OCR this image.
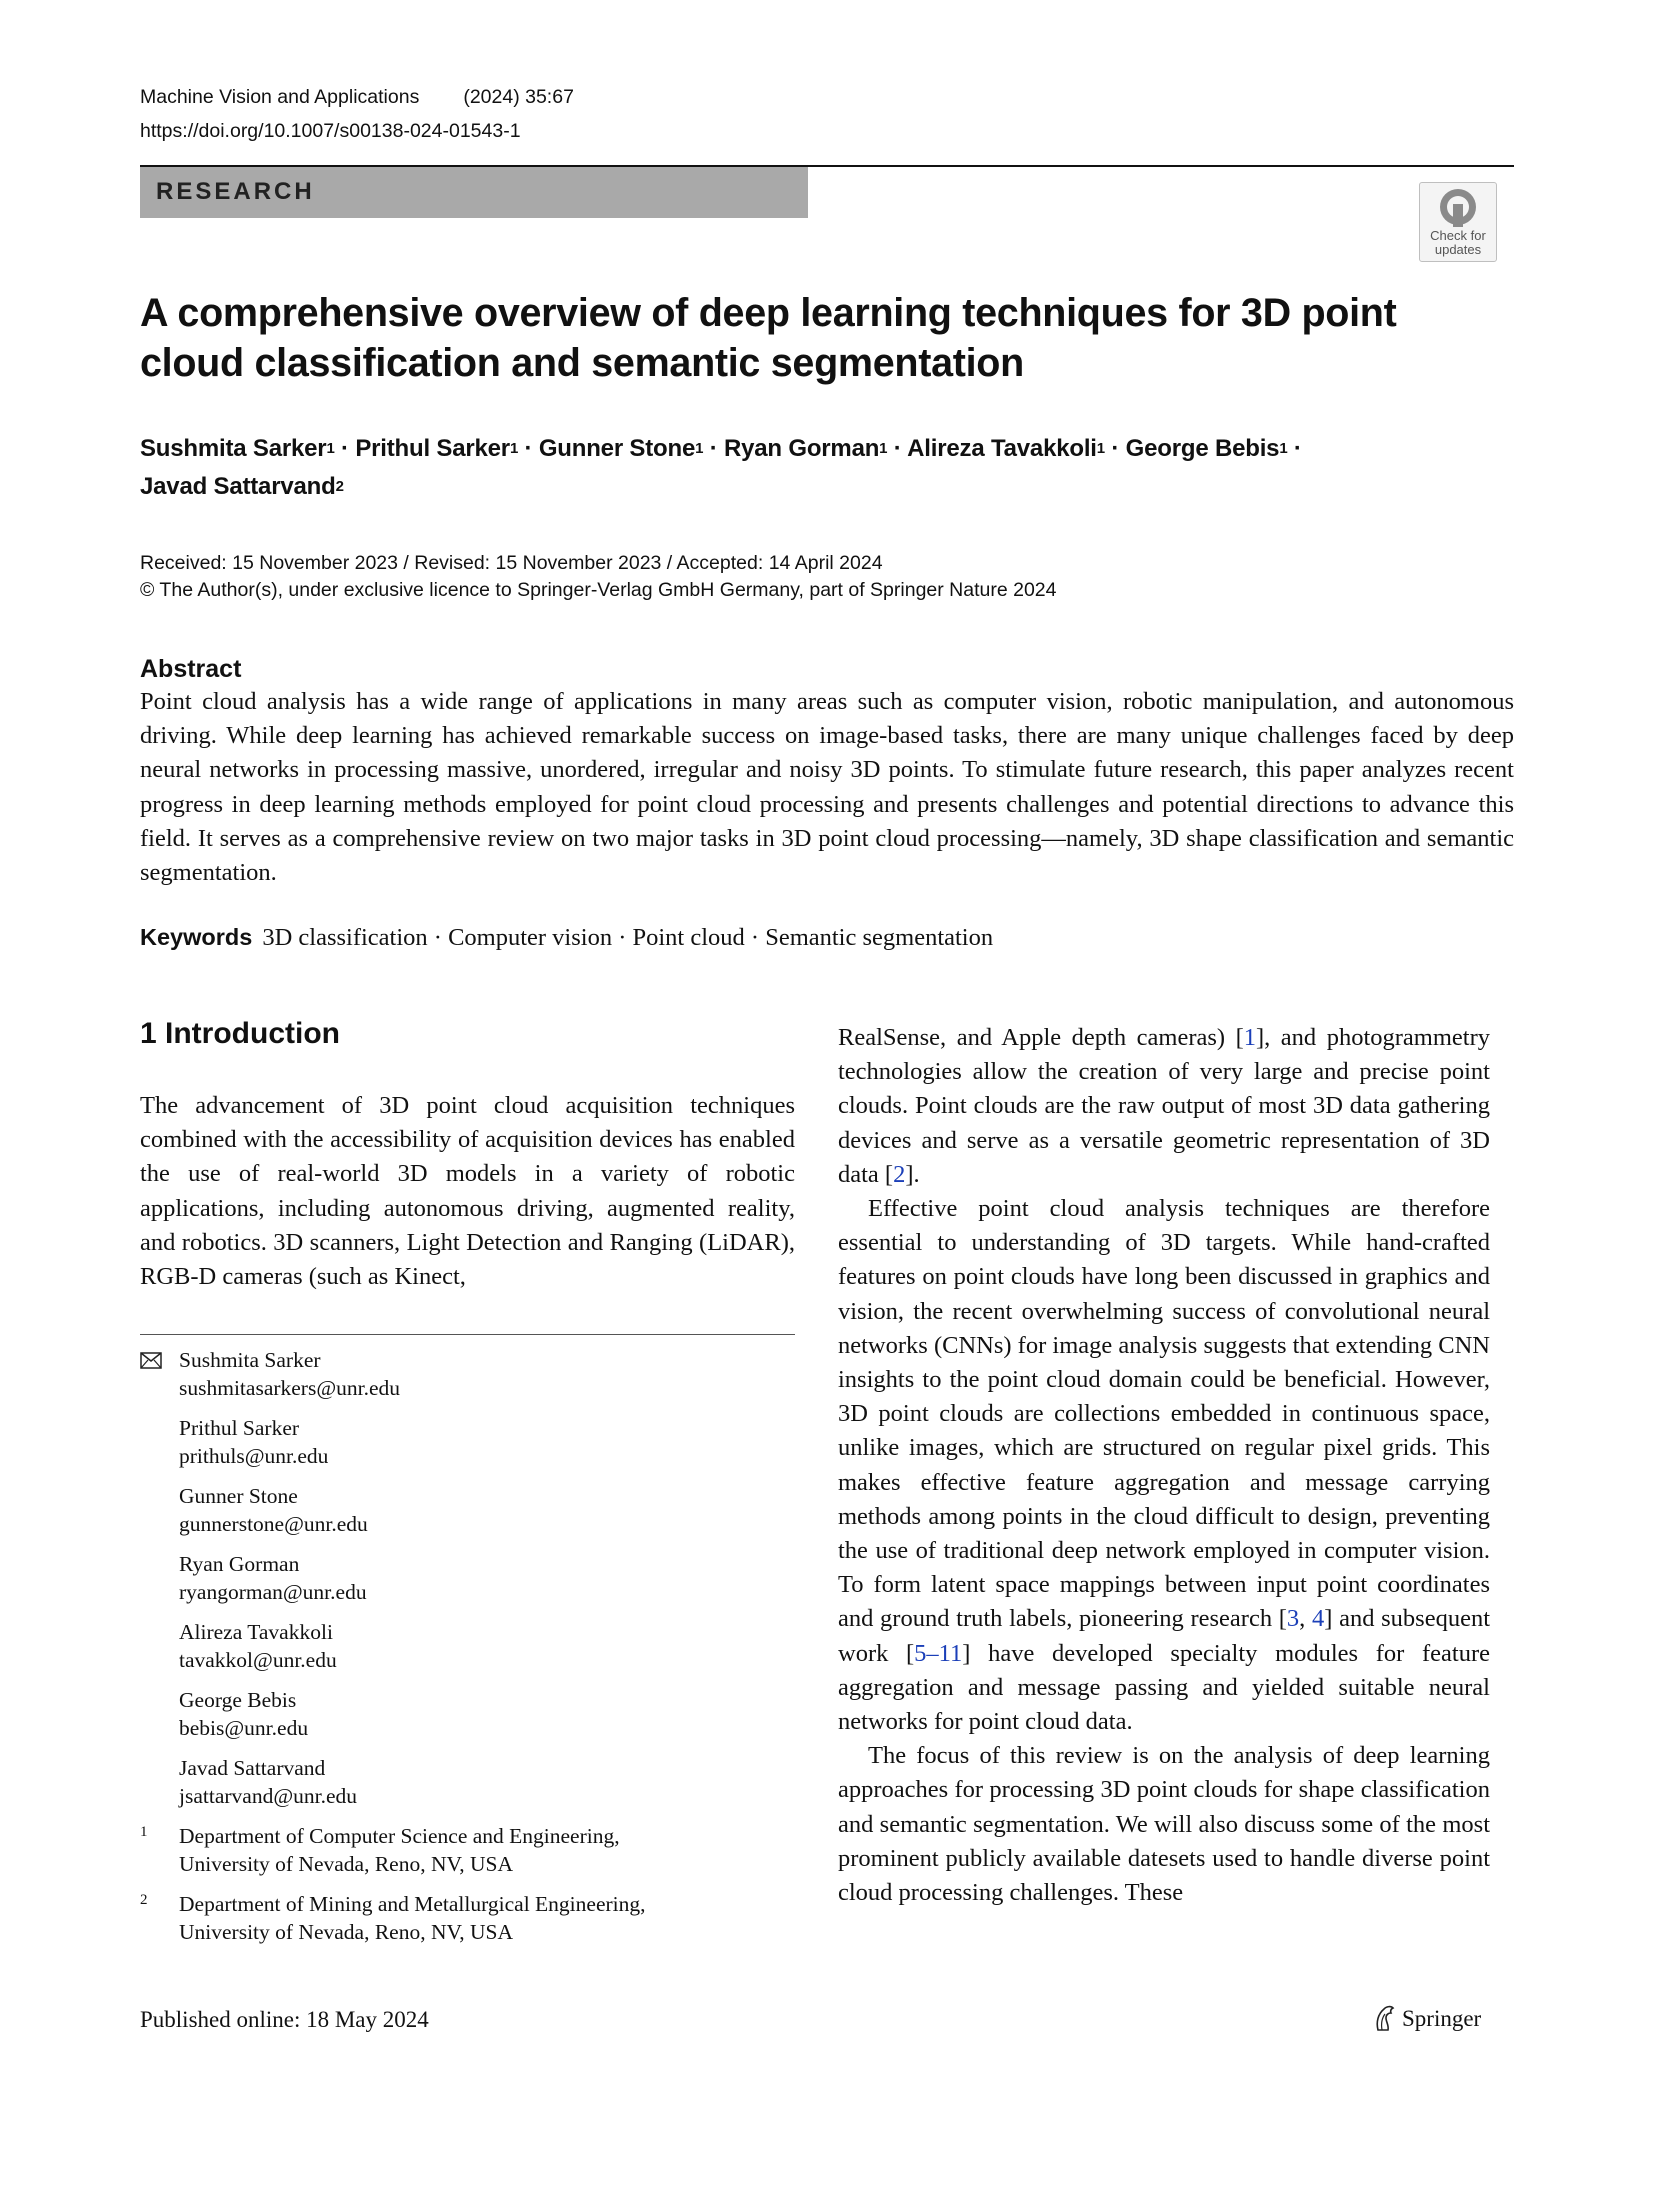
Machine Vision and Applications (2024) 35:67
https://doi.org/10.1007/s00138-024-01543-1
RESEARCH
Check for
updates
A comprehensive overview of deep learning techniques for 3D point
cloud classification and semantic segmentation
Sushmita Sarker$^1$ · Prithul Sarker$^1$ · Gunner Stone$^1$ · Ryan Gorman$^1$ · Alireza Tavakkoli$^1$ · George Bebis$^1$ ·
Javad Sattarvand$^2$
Received: 15 November 2023 / Revised: 15 November 2023 / Accepted: 14 April 2024
© The Author(s), under exclusive licence to Springer-Verlag GmbH Germany, part of Springer Nature 2024
Abstract
Point cloud analysis has a wide range of applications in many areas such as computer vision, robotic manipulation, and autonomous driving. While deep learning has achieved remarkable success on image-based tasks, there are many unique challenges faced by deep neural networks in processing massive, unordered, irregular and noisy 3D points. To stimulate future research, this paper analyzes recent progress in deep learning methods employed for point cloud processing and presents challenges and potential directions to advance this field. It serves as a comprehensive review on two major tasks in 3D point cloud processing—namely, 3D shape classification and semantic segmentation.
Keywords 3D classification · Computer vision · Point cloud · Semantic segmentation
1 Introduction

The advancement of 3D point cloud acquisition techniques combined with the accessibility of acquisition devices has enabled the use of real-world 3D models in a variety of robotic applications, including autonomous driving, augmented reality, and robotics. 3D scanners, Light Detection and Ranging (LiDAR), RGB-D cameras (such as Kinect,

RealSense, and Apple depth cameras) [1], and photogrammetry technologies allow the creation of very large and precise point clouds. Point clouds are the raw output of most 3D data gathering devices and serve as a versatile geometric representation of 3D data [2].

Effective point cloud analysis techniques are therefore essential to understanding of 3D targets. While hand-crafted features on point clouds have long been discussed in graphics and vision, the recent overwhelming success of convolutional neural networks (CNNs) for image analysis suggests that extending CNN insights to the point cloud domain could be beneficial. However, 3D point clouds are collections embedded in continuous space, unlike images, which are structured on regular pixel grids. This makes effective feature aggregation and message carrying methods among points in the cloud difficult to design, preventing the use of traditional deep network employed in computer vision. To form latent space mappings between input point coordinates and ground truth labels, pioneering research [3, 4] and subsequent work [5–11] have developed specialty modules for feature aggregation and message passing and yielded suitable neural networks for point cloud data.

The focus of this review is on the analysis of deep learning approaches for processing 3D point clouds for shape classification and semantic segmentation. We will also discuss some of the most prominent publicly available datesets used to handle diverse point cloud processing challenges. These

Sushmita Sarker
sushmitasarkers@unr.edu
Prithul Sarker
prithuls@unr.edu
Gunner Stone
gunnerstone@unr.edu
Ryan Gorman
ryangorman@unr.edu
Alireza Tavakkoli
tavakkol@unr.edu
George Bebis
bebis@unr.edu
Javad Sattarvand
jsattarvand@unr.edu
1 Department of Computer Science and Engineering,
University of Nevada, Reno, NV, USA
2 Department of Mining and Metallurgical Engineering,
University of Nevada, Reno, NV, USA
Published online: 18 May 2024	Springer
